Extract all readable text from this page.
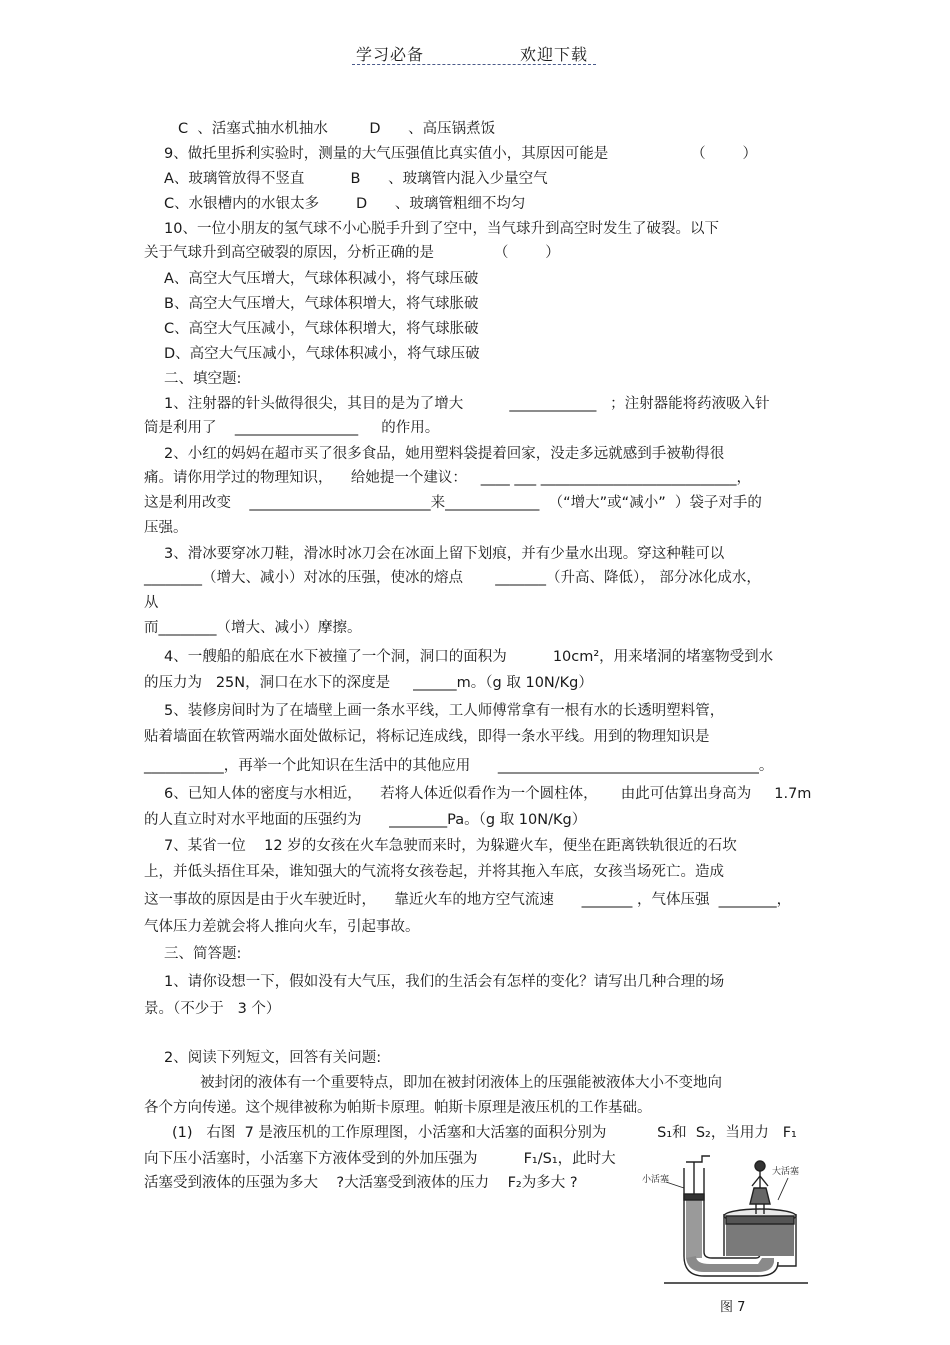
学习必备	欢迎下载
C  、活塞式抽水机抽水         D      、高压锅煮饭
9、做托里拆利实验时，测量的大气压强值比真实值小，其原因可能是                  （        ）
A、玻璃管放得不竖直          B      、玻璃管内混入少量空气
C、水银槽内的水银太多        D      、玻璃管粗细不均匀
10、一位小朋友的氢气球不小心脱手升到了空中，当气球升到高空时发生了破裂。以下
关于气球升到高空破裂的原因，分析正确的是             （        ）
A、高空大气压增大，气球体积减小，将气球压破
B、高空大气压增大，气球体积增大，将气球胀破
C、高空大气压减小，气球体积增大，将气球胀破
D、高空大气压减小，气球体积减小，将气球压破
二、填空题:
1、注射器的针头做得很尖，其目的是为了增大          ____________   ；注射器能将药液吸入针
筒是利用了    _________________     的作用。
2、小红的妈妈在超市买了很多食品，她用塑料袋提着回家，没走多远就感到手被勒得很
痛。请你用学过的物理知识，    给她提一个建议：   ____ ___ ___________________________，
这是利用改变    _________________________来_____________  （“增大”或“减小”  ）袋子对手的
压强。
3、滑冰要穿冰刀鞋，滑冰时冰刀会在冰面上留下划痕，并有少量水出现。穿这种鞋可以
________（增大、减小）对冰的压强，使冰的熔点       _______（升高、降低）， 部分冰化成水，
从
而________（增大、减小）摩擦。
4、一艘船的船底在水下被撞了一个洞，洞口的面积为          10cm²，用来堵洞的堵塞物受到水
的压力为   25N，洞口在水下的深度是     ______m。（g 取 10N/Kg）
5、装修房间时为了在墙壁上画一条水平线，工人师傅常拿有一根有水的长透明塑料管，
贴着墙面在软管两端水面处做标记，将标记连成线，即得一条水平线。用到的物理知识是
___________，再举一个此知识在生活中的其他应用      ____________________________________。
6、已知人体的密度与水相近，    若将人体近似看作为一个圆柱体，     由此可估算出身高为     1.7m
的人直立时对水平地面的压强约为      ________Pa。（g 取 10N/Kg）
7、某省一位    12 岁的女孩在火车急驶而来时，为躲避火车，便坐在距离铁轨很近的石坎
上，并低头捂住耳朵，谁知强大的气流将女孩卷起，并将其拖入车底，女孩当场死亡。造成
这一事故的原因是由于火车驶近时，    靠近火车的地方空气流速      _______ ，气体压强  ________，
气体压力差就会将人推向火车，引起事故。
三、简答题:
1、请你设想一下，假如没有大气压，我们的生活会有怎样的变化？请写出几种合理的场
景。（不少于   3 个）
2、阅读下列短文，回答有关问题:
被封闭的液体有一个重要特点，即加在被封闭液体上的压强能被液体大小不变地向
各个方向传递。这个规律被称为帕斯卡原理。帕斯卡原理是液压机的工作基础。
(1)   右图  7 是液压机的工作原理图，小活塞和大活塞的面积分别为           S₁和  S₂，当用力   F₁
向下压小活塞时，小活塞下方液体受到的外加压强为          F₁/S₁，此时大
活塞受到液体的压强为多大    ?大活塞受到液体的压力    F₂为多大 ?	小活塞
大活塞
图 7
